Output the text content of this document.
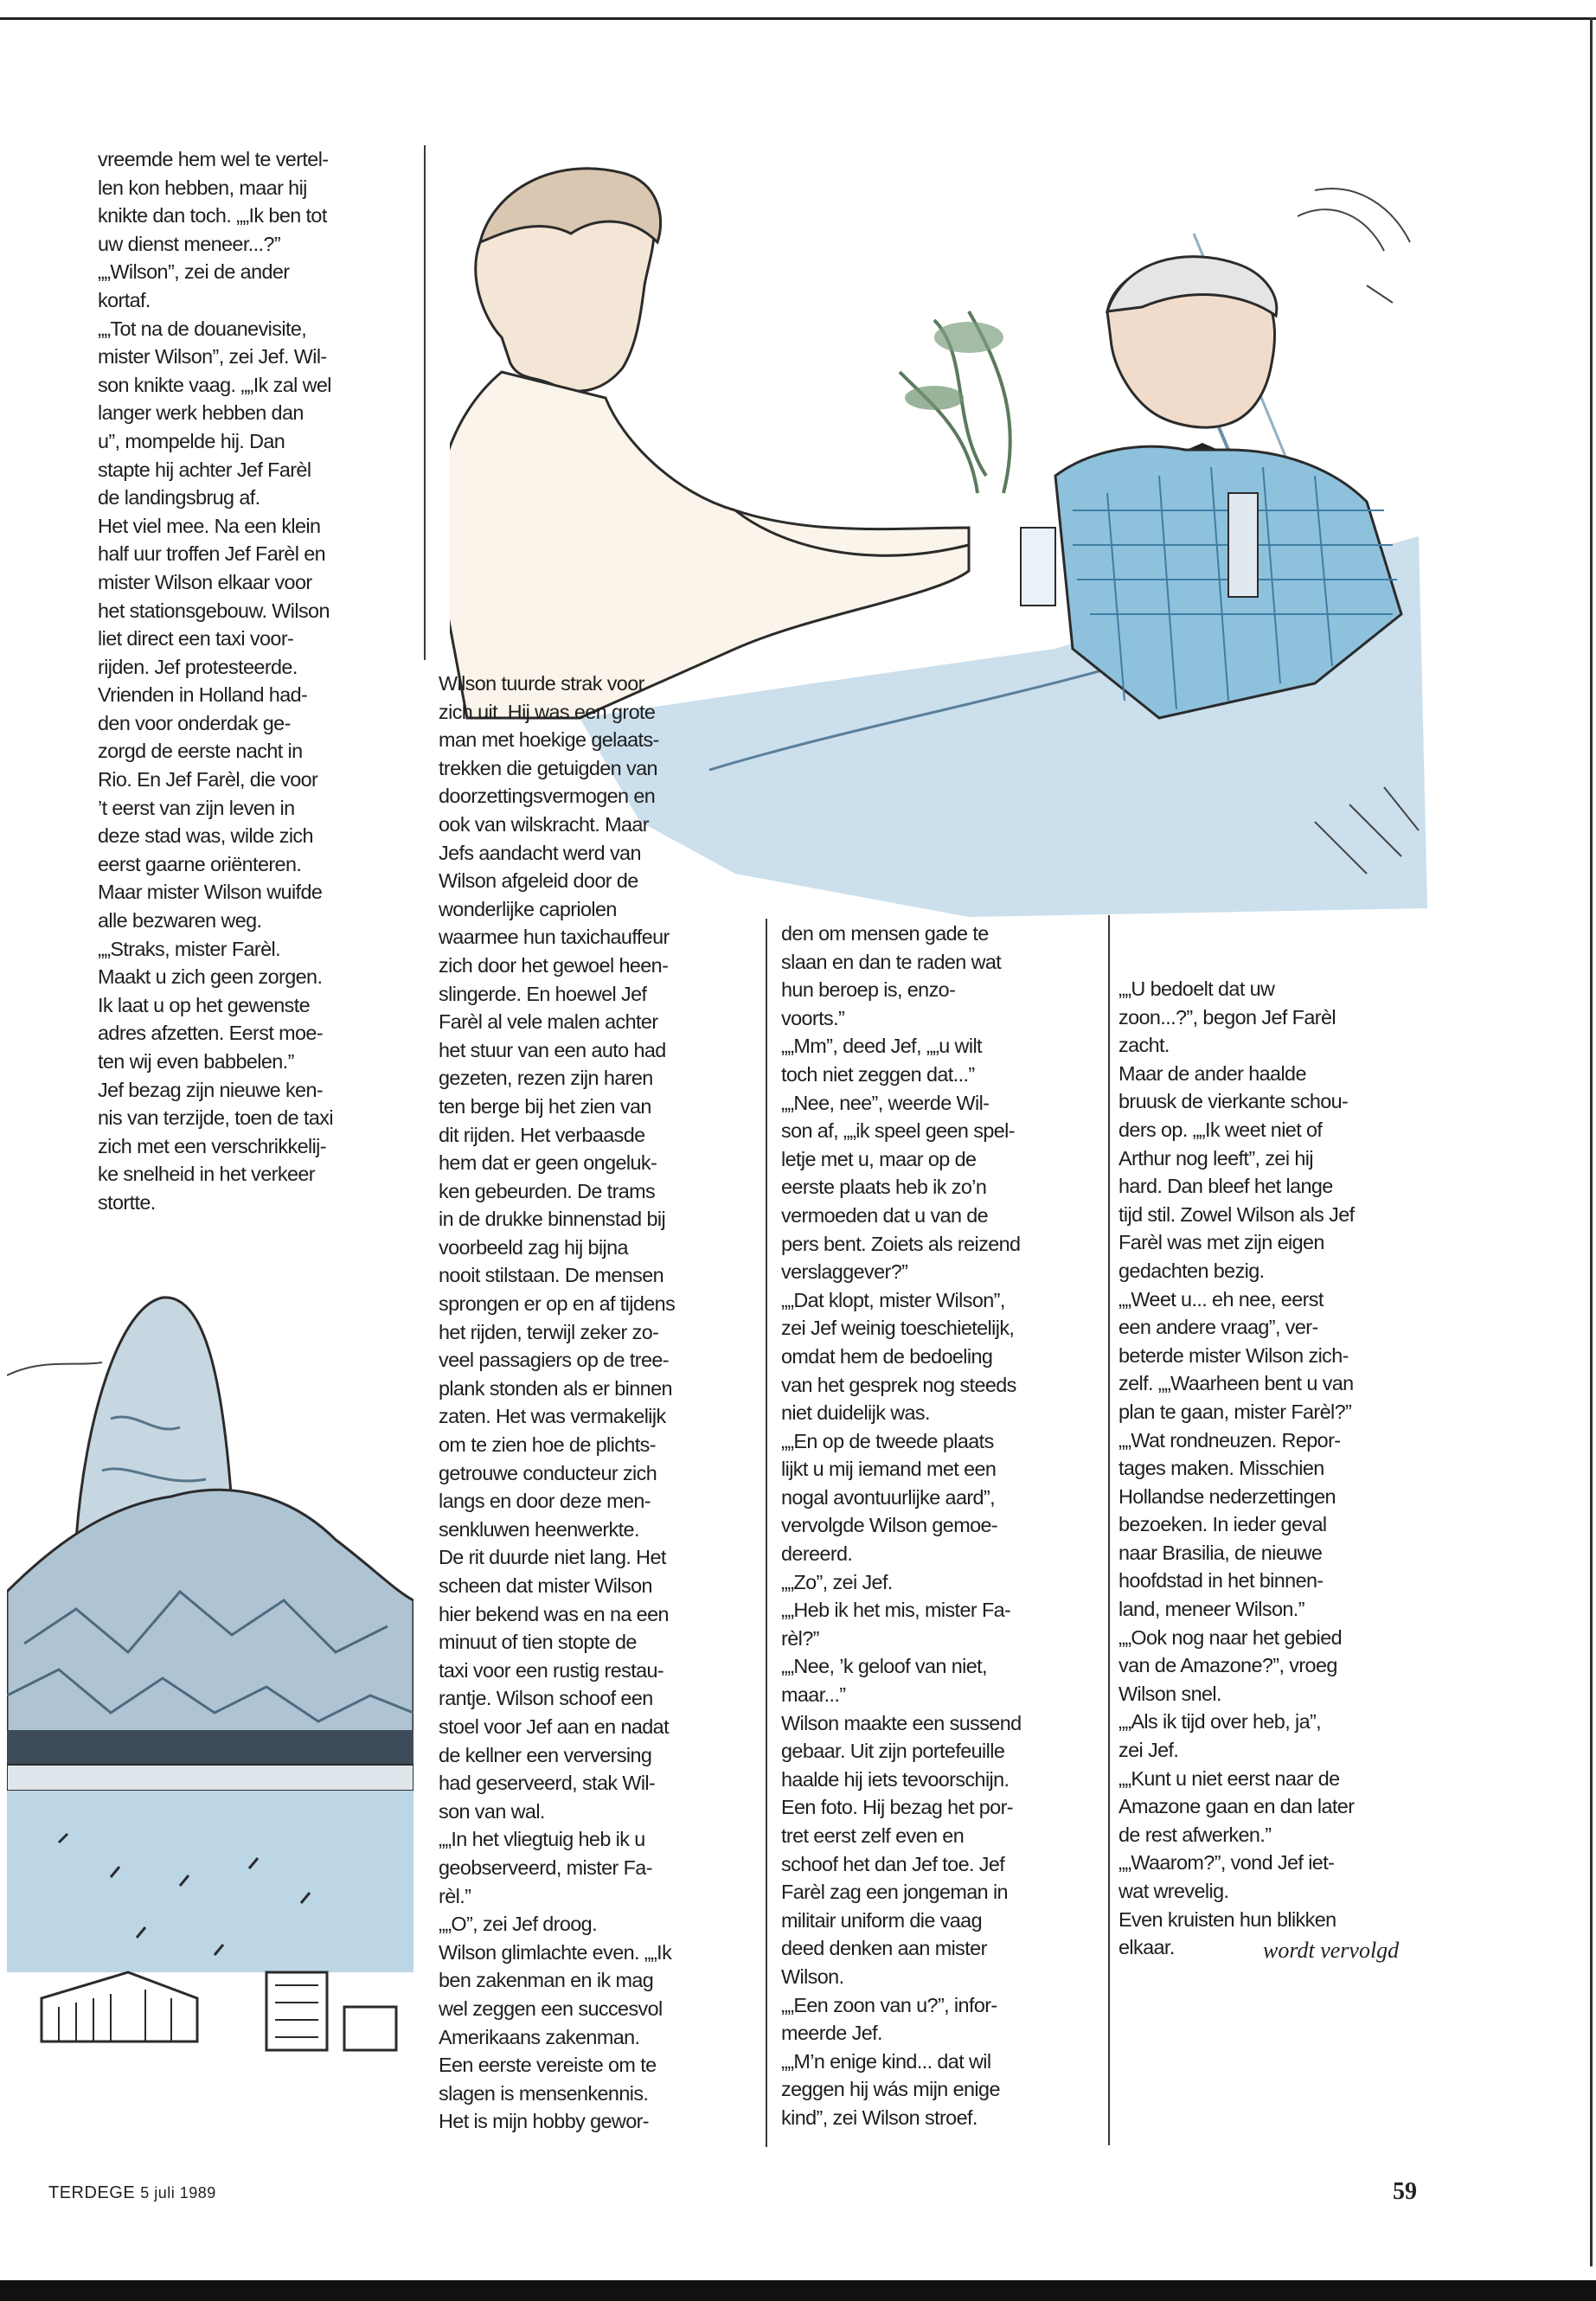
vreemde hem wel te vertel-
len kon hebben, maar hij
knikte dan toch. „„Ik ben tot
uw dienst meneer...?”
„„Wilson”, zei de ander
kortaf.
„„Tot na de douanevisite,
mister Wilson”, zei Jef. Wil-
son knikte vaag. „„Ik zal wel
langer werk hebben dan
u”, mompelde hij. Dan
stapte hij achter Jef Farèl
de landingsbrug af.
Het viel mee. Na een klein
half uur troffen Jef Farèl en
mister Wilson elkaar voor
het stationsgebouw. Wilson
liet direct een taxi voor-
rijden. Jef protesteerde.
Vrienden in Holland had-
den voor onderdak ge-
zorgd de eerste nacht in
Rio. En Jef Farèl, die voor
’t eerst van zijn leven in
deze stad was, wilde zich
eerst gaarne oriënteren.
Maar mister Wilson wuifde
alle bezwaren weg.
„„Straks, mister Farèl.
Maakt u zich geen zorgen.
Ik laat u op het gewenste
adres afzetten. Eerst moe-
ten wij even babbelen.”
Jef bezag zijn nieuwe ken-
nis van terzijde, toen de taxi
zich met een verschrikkelij-
ke snelheid in het verkeer
stortte.

Wilson tuurde strak voor
zich uit. Hij was een grote
man met hoekige gelaats-
trekken die getuigden van
doorzettingsvermogen en
ook van wilskracht. Maar
Jefs aandacht werd van
Wilson afgeleid door de
wonderlijke capriolen
waarmee hun taxichauffeur
zich door het gewoel heen-
slingerde. En hoewel Jef
Farèl al vele malen achter
het stuur van een auto had
gezeten, rezen zijn haren
ten berge bij het zien van
dit rijden. Het verbaasde
hem dat er geen ongeluk-
ken gebeurden. De trams
in de drukke binnenstad bij
voorbeeld zag hij bijna
nooit stilstaan. De mensen
sprongen er op en af tijdens
het rijden, terwijl zeker zo-
veel passagiers op de tree-
plank stonden als er binnen
zaten. Het was vermakelijk
om te zien hoe de plichts-
getrouwe conducteur zich
langs en door deze men-
senkluwen heenwerkte.
De rit duurde niet lang. Het
scheen dat mister Wilson
hier bekend was en na een
minuut of tien stopte de
taxi voor een rustig restau-
rantje. Wilson schoof een
stoel voor Jef aan en nadat
de kellner een verversing
had geserveerd, stak Wil-
son van wal.
„„In het vliegtuig heb ik u
geobserveerd, mister Fa-
rèl.”
„„O”, zei Jef droog.
Wilson glimlachte even. „„Ik
ben zakenman en ik mag
wel zeggen een succesvol
Amerikaans zakenman.
Een eerste vereiste om te
slagen is mensenkennis.
Het is mijn hobby gewor-

den om mensen gade te
slaan en dan te raden wat
hun beroep is, enzo-
voorts.”
„„Mm”, deed Jef, „„u wilt
toch niet zeggen dat...”
„„Nee, nee”, weerde Wil-
son af, „„ik speel geen spel-
letje met u, maar op de
eerste plaats heb ik zo’n
vermoeden dat u van de
pers bent. Zoiets als reizend
verslaggever?”
„„Dat klopt, mister Wilson”,
zei Jef weinig toeschietelijk,
omdat hem de bedoeling
van het gesprek nog steeds
niet duidelijk was.
„„En op de tweede plaats
lijkt u mij iemand met een
nogal avontuurlijke aard”,
vervolgde Wilson gemoe-
dereerd.
„„Zo”, zei Jef.
„„Heb ik het mis, mister Fa-
rèl?”
„„Nee, ’k geloof van niet,
maar...”
Wilson maakte een sussend
gebaar. Uit zijn portefeuille
haalde hij iets tevoorschijn.
Een foto. Hij bezag het por-
tret eerst zelf even en
schoof het dan Jef toe. Jef
Farèl zag een jongeman in
militair uniform die vaag
deed denken aan mister
Wilson.
„„Een zoon van u?”, infor-
meerde Jef.
„„M’n enige kind... dat wil
zeggen hij wás mijn enige
kind”, zei Wilson stroef.

„„U bedoelt dat uw
zoon...?”, begon Jef Farèl
zacht.
Maar de ander haalde
bruusk de vierkante schou-
ders op. „„Ik weet niet of
Arthur nog leeft”, zei hij
hard. Dan bleef het lange
tijd stil. Zowel Wilson als Jef
Farèl was met zijn eigen
gedachten bezig.
„„Weet u... eh nee, eerst
een andere vraag”, ver-
beterde mister Wilson zich-
zelf. „„Waarheen bent u van
plan te gaan, mister Farèl?”
„„Wat rondneuzen. Repor-
tages maken. Misschien
Hollandse nederzettingen
bezoeken. In ieder geval
naar Brasilia, de nieuwe
hoofdstad in het binnen-
land, meneer Wilson.”
„„Ook nog naar het gebied
van de Amazone?”, vroeg
Wilson snel.
„„Als ik tijd over heb, ja”,
zei Jef.
„„Kunt u niet eerst naar de
Amazone gaan en dan later
de rest afwerken.”
„„Waarom?”, vond Jef iet-
wat wrevelig.
Even kruisten hun blikken
elkaar.	wordt vervolgd
TERDEGE 5 juli 1989	59
